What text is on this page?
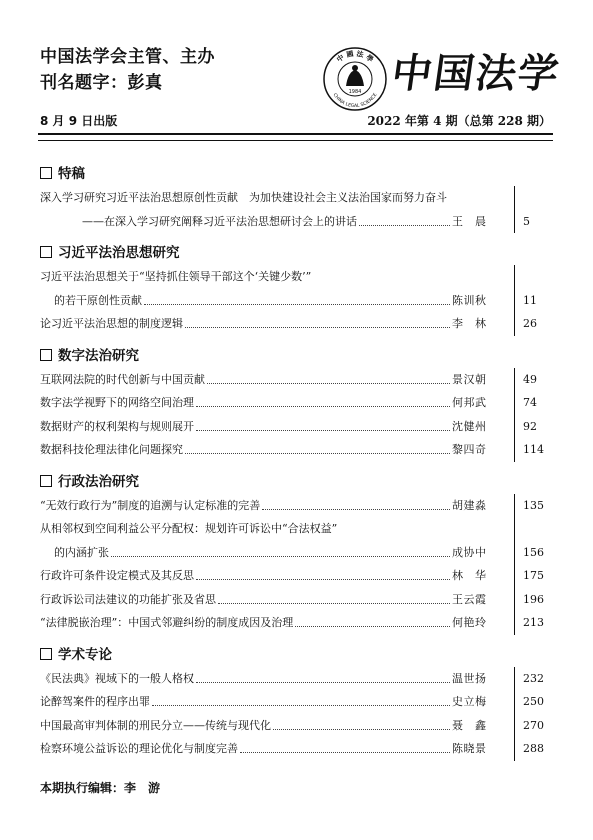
中国法学会主管、主办
刊名题字：彭真
中 國 法 學
CHINA LEGAL SCIENCE
1984 中国法学
8 月 9 日出版	2022 年第 4 期（总第 228 期）
特稿
深入学习研究习近平法治思想原创性贡献　为加快建设社会主义法治国家而努力奋斗
——在深入学习研究阐释习近平法治思想研讨会上的讲话	王　晨	5
习近平法治思想研究
习近平法治思想关于“坚持抓住领导干部这个‘关键少数’”
的若干原创性贡献	陈训秋	11
论习近平法治思想的制度逻辑	李　林	26
数字法治研究
互联网法院的时代创新与中国贡献	景汉朝	49
数字法学视野下的网络空间治理	何邦武	74
数据财产的权利架构与规则展开	沈健州	92
数据科技伦理法律化问题探究	黎四奇	114
行政法治研究
“无效行政行为”制度的追溯与认定标准的完善	胡建淼	135
从相邻权到空间利益公平分配权：规划许可诉讼中“合法权益”
的内涵扩张	成协中	156
行政许可条件设定模式及其反思	林　华	175
行政诉讼司法建议的功能扩张及省思	王云霞	196
“法律脱嵌治理”：中国式邻避纠纷的制度成因及治理	何艳玲	213
学术专论
《民法典》视域下的一般人格权	温世扬	232
论醉驾案件的程序出罪	史立梅	250
中国最高审判体制的刑民分立——传统与现代化	聂　鑫	270
检察环境公益诉讼的理论优化与制度完善	陈晓景	288
本期执行编辑：李　游
